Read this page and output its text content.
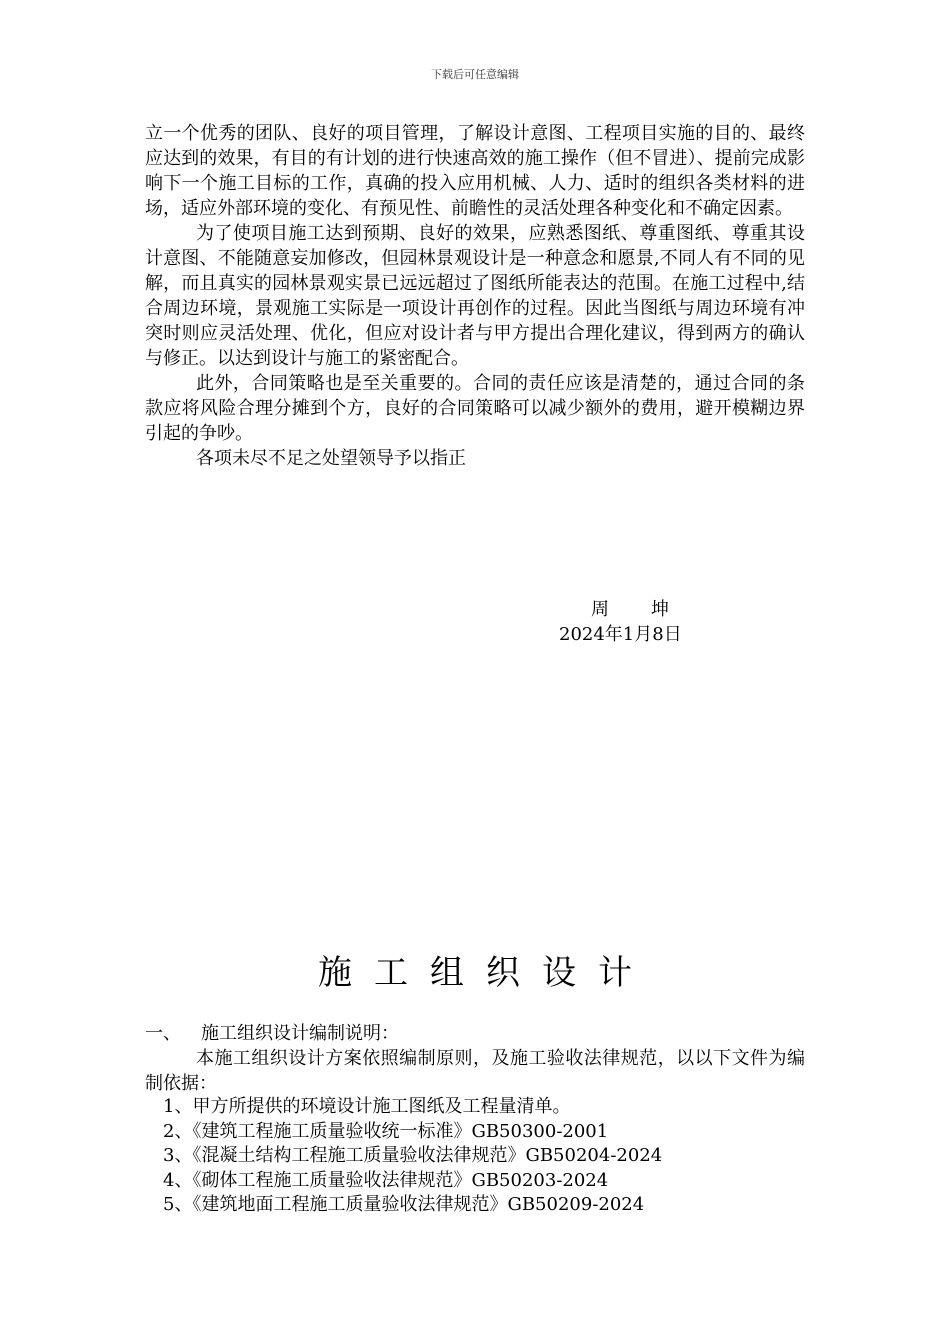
下载后可任意编辑

立一个优秀的团队、良好的项目管理，了解设计意图、工程项目实施的目的、最终应达到的效果，有目的有计划的进行快速高效的施工操作（但不冒进）、提前完成影响下一个施工目标的工作，真确的投入应用机械、人力、适时的组织各类材料的进场，适应外部环境的变化、有预见性、前瞻性的灵活处理各种变化和不确定因素。

为了使项目施工达到预期、良好的效果，应熟悉图纸、尊重图纸、尊重其设计意图、不能随意妄加修改，但园林景观设计是一种意念和愿景,不同人有不同的见解，而且真实的园林景观实景已远远超过了图纸所能表达的范围。在施工过程中,结合周边环境，景观施工实际是一项设计再创作的过程。因此当图纸与周边环境有冲突时则应灵活处理、优化，但应对设计者与甲方提出合理化建议，得到两方的确认与修正。以达到设计与施工的紧密配合。

此外，合同策略也是至关重要的。合同的责任应该是清楚的，通过合同的条款应将风险合理分摊到个方，良好的合同策略可以减少额外的费用，避开模糊边界引起的争吵。

各项未尽不足之处望领导予以指正

周 坤
2024年1月8日
施工组织设计
一、 施工组织设计编制说明：

本施工组织设计方案依照编制原则，及施工验收法律规范，以以下文件为编制依据：

1、甲方所提供的环境设计施工图纸及工程量清单。
2、《建筑工程施工质量验收统一标准》GB50300-2001
3、《混凝土结构工程施工质量验收法律规范》GB50204-2024
4、《砌体工程施工质量验收法律规范》GB50203-2024
5、《建筑地面工程施工质量验收法律规范》GB50209-2024
